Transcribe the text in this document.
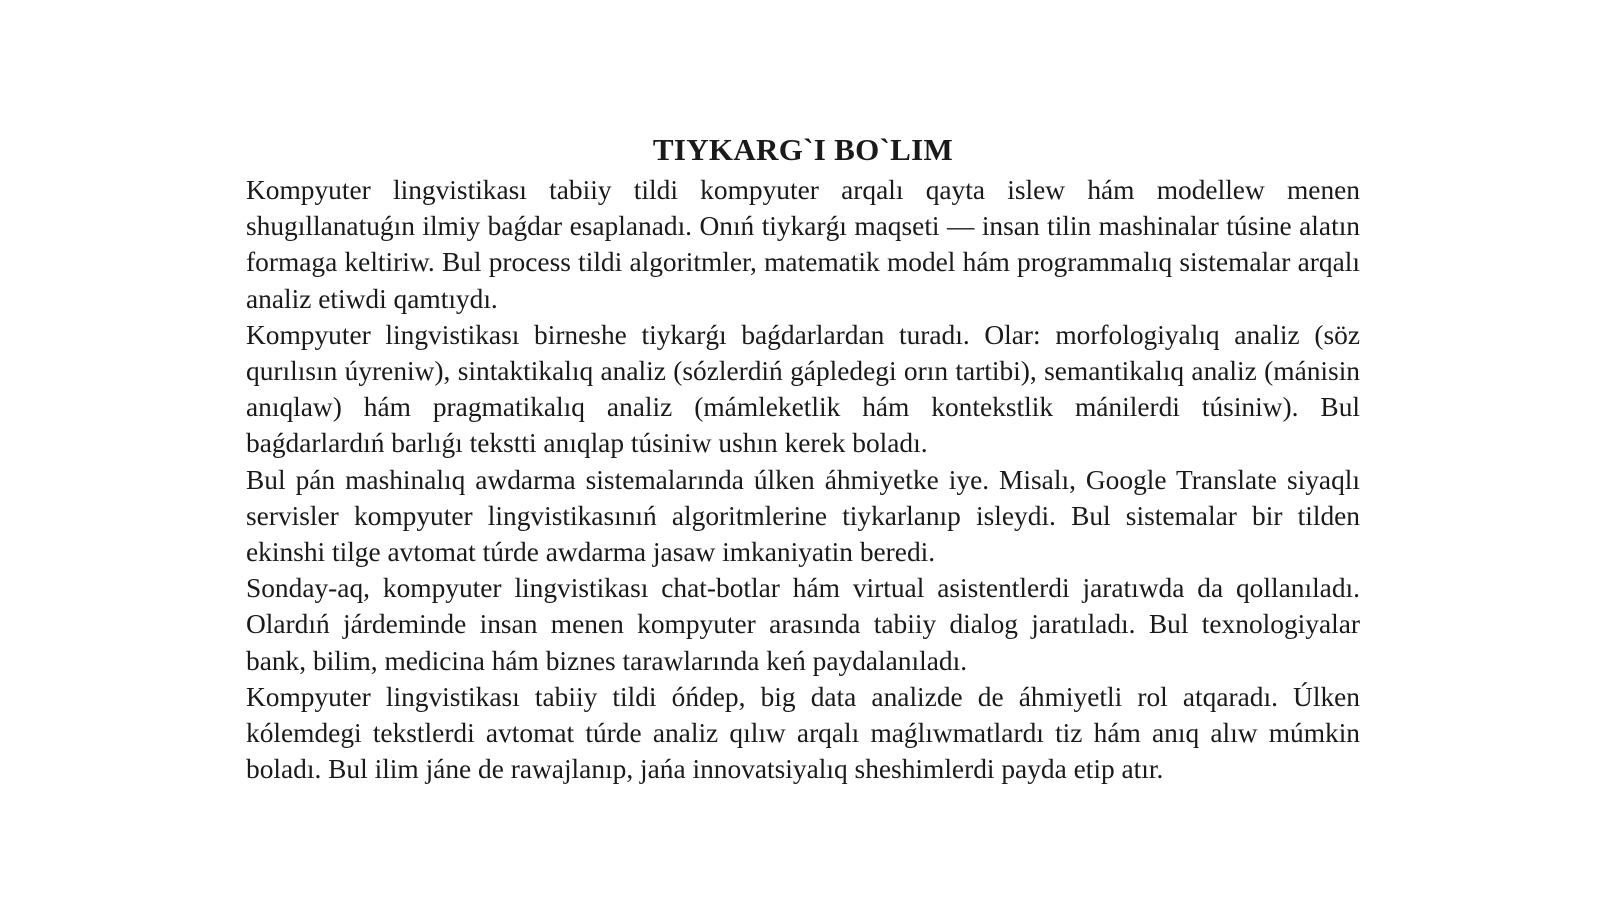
TIYKARG`I BO`LIM

Kompyuter lingvistikası tabiiy tildi kompyuter arqalı qayta islew hám modellew menen shugıllanatuǵın ilmiy baǵdar esaplanadı. Onıń tiykarǵı maqseti — insan tilin mashinalar túsine alatın formaga keltiriw. Bul process tildi algoritmler, matematik model hám programmalıq sistemalar arqalı analiz etiwdi qamtıydı.

Kompyuter lingvistikası birneshe tiykarǵı baǵdarlardan turadı. Olar: morfologiyalıq analiz (söz qurılısın úyreniw), sintaktikalıq analiz (sózlerdiń gápledegi orın tartibi), semantikalıq analiz (mánisin anıqlaw) hám pragmatikalıq analiz (mámleketlik hám kontekstlik mánilerdi túsiniw). Bul baǵdarlardıń barlıǵı tekstti anıqlap túsiniw ushın kerek boladı.

Bul pán mashinalıq awdarma sistemalarında úlken áhmiyetke iye. Misalı, Google Translate siyaqlı servisler kompyuter lingvistikasınıń algoritmlerine tiykarlanıp isleydi. Bul sistemalar bir tilden ekinshi tilge avtomat túrde awdarma jasaw imkaniyatin beredi.

Sonday-aq, kompyuter lingvistikası chat-botlar hám virtual asistentlerdi jaratıwda da qollanıladı. Olardıń járdeminde insan menen kompyuter arasında tabiiy dialog jaratıladı. Bul texnologiyalar bank, bilim, medicina hám biznes tarawlarında keń paydalanıladı.

Kompyuter lingvistikası tabiiy tildi óńdep, big data analizde de áhmiyetli rol atqaradı. Úlken kólemdegi tekstlerdi avtomat túrde analiz qılıw arqalı maǵlıwmatlardı tiz hám anıq alıw múmkin boladı. Bul ilim jáne de rawajlanıp, jańa innovatsiyalıq sheshimlerdi payda etip atır.
